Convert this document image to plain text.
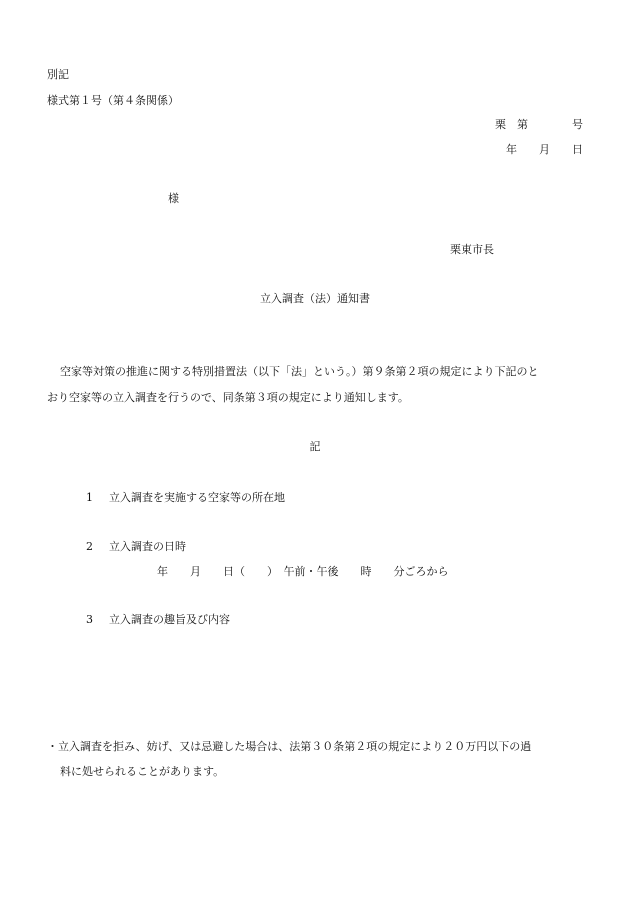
別記
様式第１号（第４条関係）
栗　第　　　　号
年　　月　　日
様
栗東市長
立入調査（法）通知書
空家等対策の推進に関する特別措置法（以下「法」という。）第９条第２項の規定により下記のと
おり空家等の立入調査を行うので、同条第３項の規定により通知します。
記
1 立入調査を実施する空家等の所在地
2 立入調査の日時
年　　月　　日（　　）　午前・午後　　時　　分ごろから
3 立入調査の趣旨及び内容
・立入調査を拒み、妨げ、又は忌避した場合は、法第３０条第２項の規定により２０万円以下の過
料に処せられることがあります。
